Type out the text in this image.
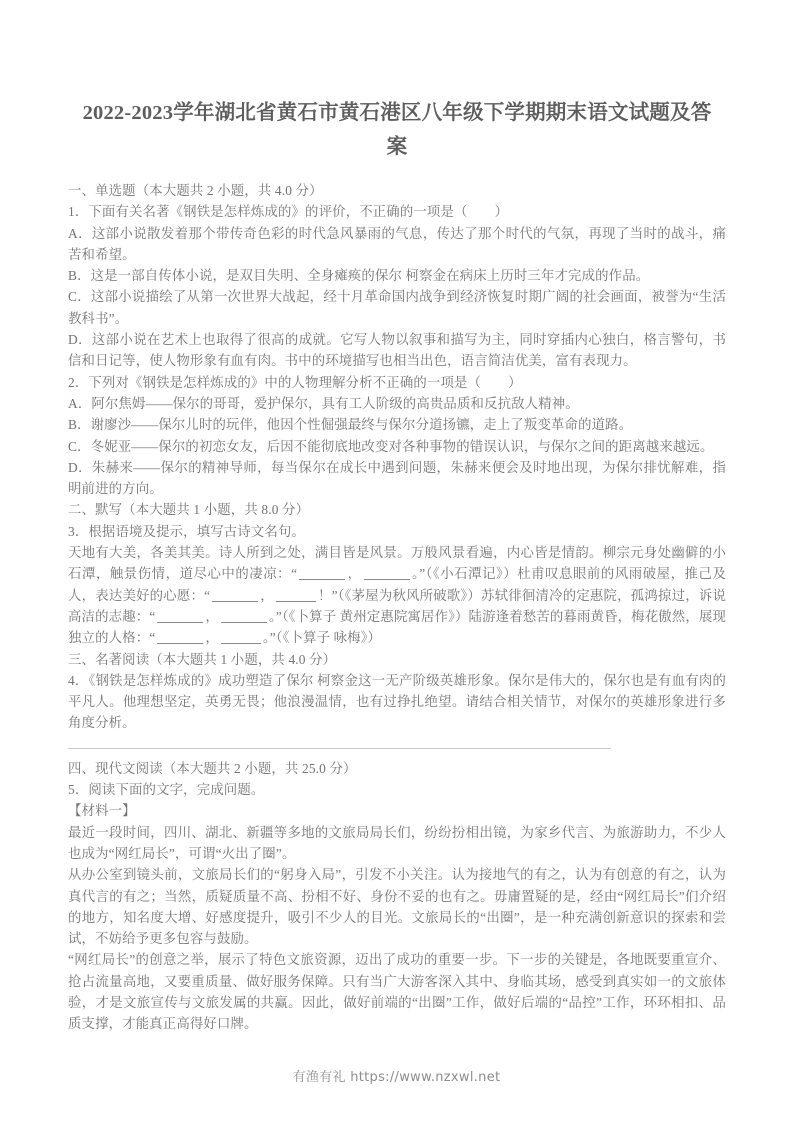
2022-2023学年湖北省黄石市黄石港区八年级下学期期末语文试题及答案

一、单选题（本大题共 2 小题，共 4.0 分）

1．下面有关名著《钢铁是怎样炼成的》的评价，不正确的一项是（　　）

A．这部小说散发着那个带传奇色彩的时代急风暴雨的气息，传达了那个时代的气氛，再现了当时的战斗，痛苦和希望。

B．这是一部自传体小说，是双目失明、全身瘫痪的保尔 柯察金在病床上历时三年才完成的作品。

C．这部小说描绘了从第一次世界大战起，经十月革命国内战争到经济恢复时期广阔的社会画面，被誉为“生活教科书”。

D．这部小说在艺术上也取得了很高的成就。它写人物以叙事和描写为主，同时穿插内心独白，格言警句，书信和日记等，使人物形象有血有肉。书中的环境描写也相当出色，语言简洁优美，富有表现力。

2．下列对《钢铁是怎样炼成的》中的人物理解分析不正确的一项是（　　）

A．阿尔焦姆——保尔的哥哥，爱护保尔，具有工人阶级的高贵品质和反抗敌人精神。

B．谢廖沙——保尔儿时的玩伴，他因个性倔强最终与保尔分道扬镳，走上了叛变革命的道路。

C．冬妮亚——保尔的初恋女友，后因不能彻底地改变对各种事物的错误认识，与保尔之间的距离越来越远。

D．朱赫来——保尔的精神导师，每当保尔在成长中遇到问题，朱赫来便会及时地出现，为保尔排忧解难，指明前进的方向。

二、默写（本大题共 1 小题，共 8.0 分）

3．根据语境及提示，填写古诗文名句。

天地有大美，各美其美。诗人所到之处，满目皆是风景。万般风景看遍，内心皆是情韵。柳宗元身处幽僻的小石潭，触景伤情，道尽心中的凄凉：“	，	。”（《小石潭记》）杜甫叹息眼前的风雨破屋，推己及人，表达美好的心愿：“	，	！”（《茅屋为秋风所破歌》）苏轼徘徊清冷的定惠院，孤鸿掠过，诉说高洁的志趣：“	，	。”（《卜算子 黄州定惠院寓居作》）陆游逢着愁苦的暮雨黄昏，梅花傲然，展现独立的人格：“	，	。”（《卜算子 咏梅》）

三、名著阅读（本大题共 1 小题，共 4.0 分）

4．《钢铁是怎样炼成的》成功塑造了保尔 柯察金这一无产阶级英雄形象。保尔是伟大的，保尔也是有血有肉的平凡人。他理想坚定，英勇无畏；他浪漫温情，也有过挣扎绝望。请结合相关情节，对保尔的英雄形象进行多角度分析。

四、现代文阅读（本大题共 2 小题，共 25.0 分）

5．阅读下面的文字，完成问题。

【材料一】

最近一段时间，四川、湖北、新疆等多地的文旅局局长们，纷纷扮相出镜，为家乡代言、为旅游助力，不少人也成为“网红局长”，可谓“火出了圈”。

从办公室到镜头前，文旅局长们的“躬身入局”，引发不小关注。认为接地气的有之，认为有创意的有之，认为真代言的有之；当然，质疑质量不高、扮相不好、身份不妥的也有之。毋庸置疑的是，经由“网红局长”们介绍的地方，知名度大增、好感度提升，吸引不少人的目光。文旅局长的“出圈”，是一种充满创新意识的探索和尝试，不妨给予更多包容与鼓励。

“网红局长”的创意之举，展示了特色文旅资源，迈出了成功的重要一步。下一步的关键是，各地既要重宣介、抢占流量高地，又要重质量、做好服务保障。只有当广大游客深入其中、身临其场，感受到真实如一的文旅体验，才是文旅宣传与文旅发属的共赢。因此，做好前端的“出圈”工作，做好后端的“品控”工作，环环相扣、品质支撑，才能真正高得好口牌。

有渔有礼 https://www.nzxwl.net
